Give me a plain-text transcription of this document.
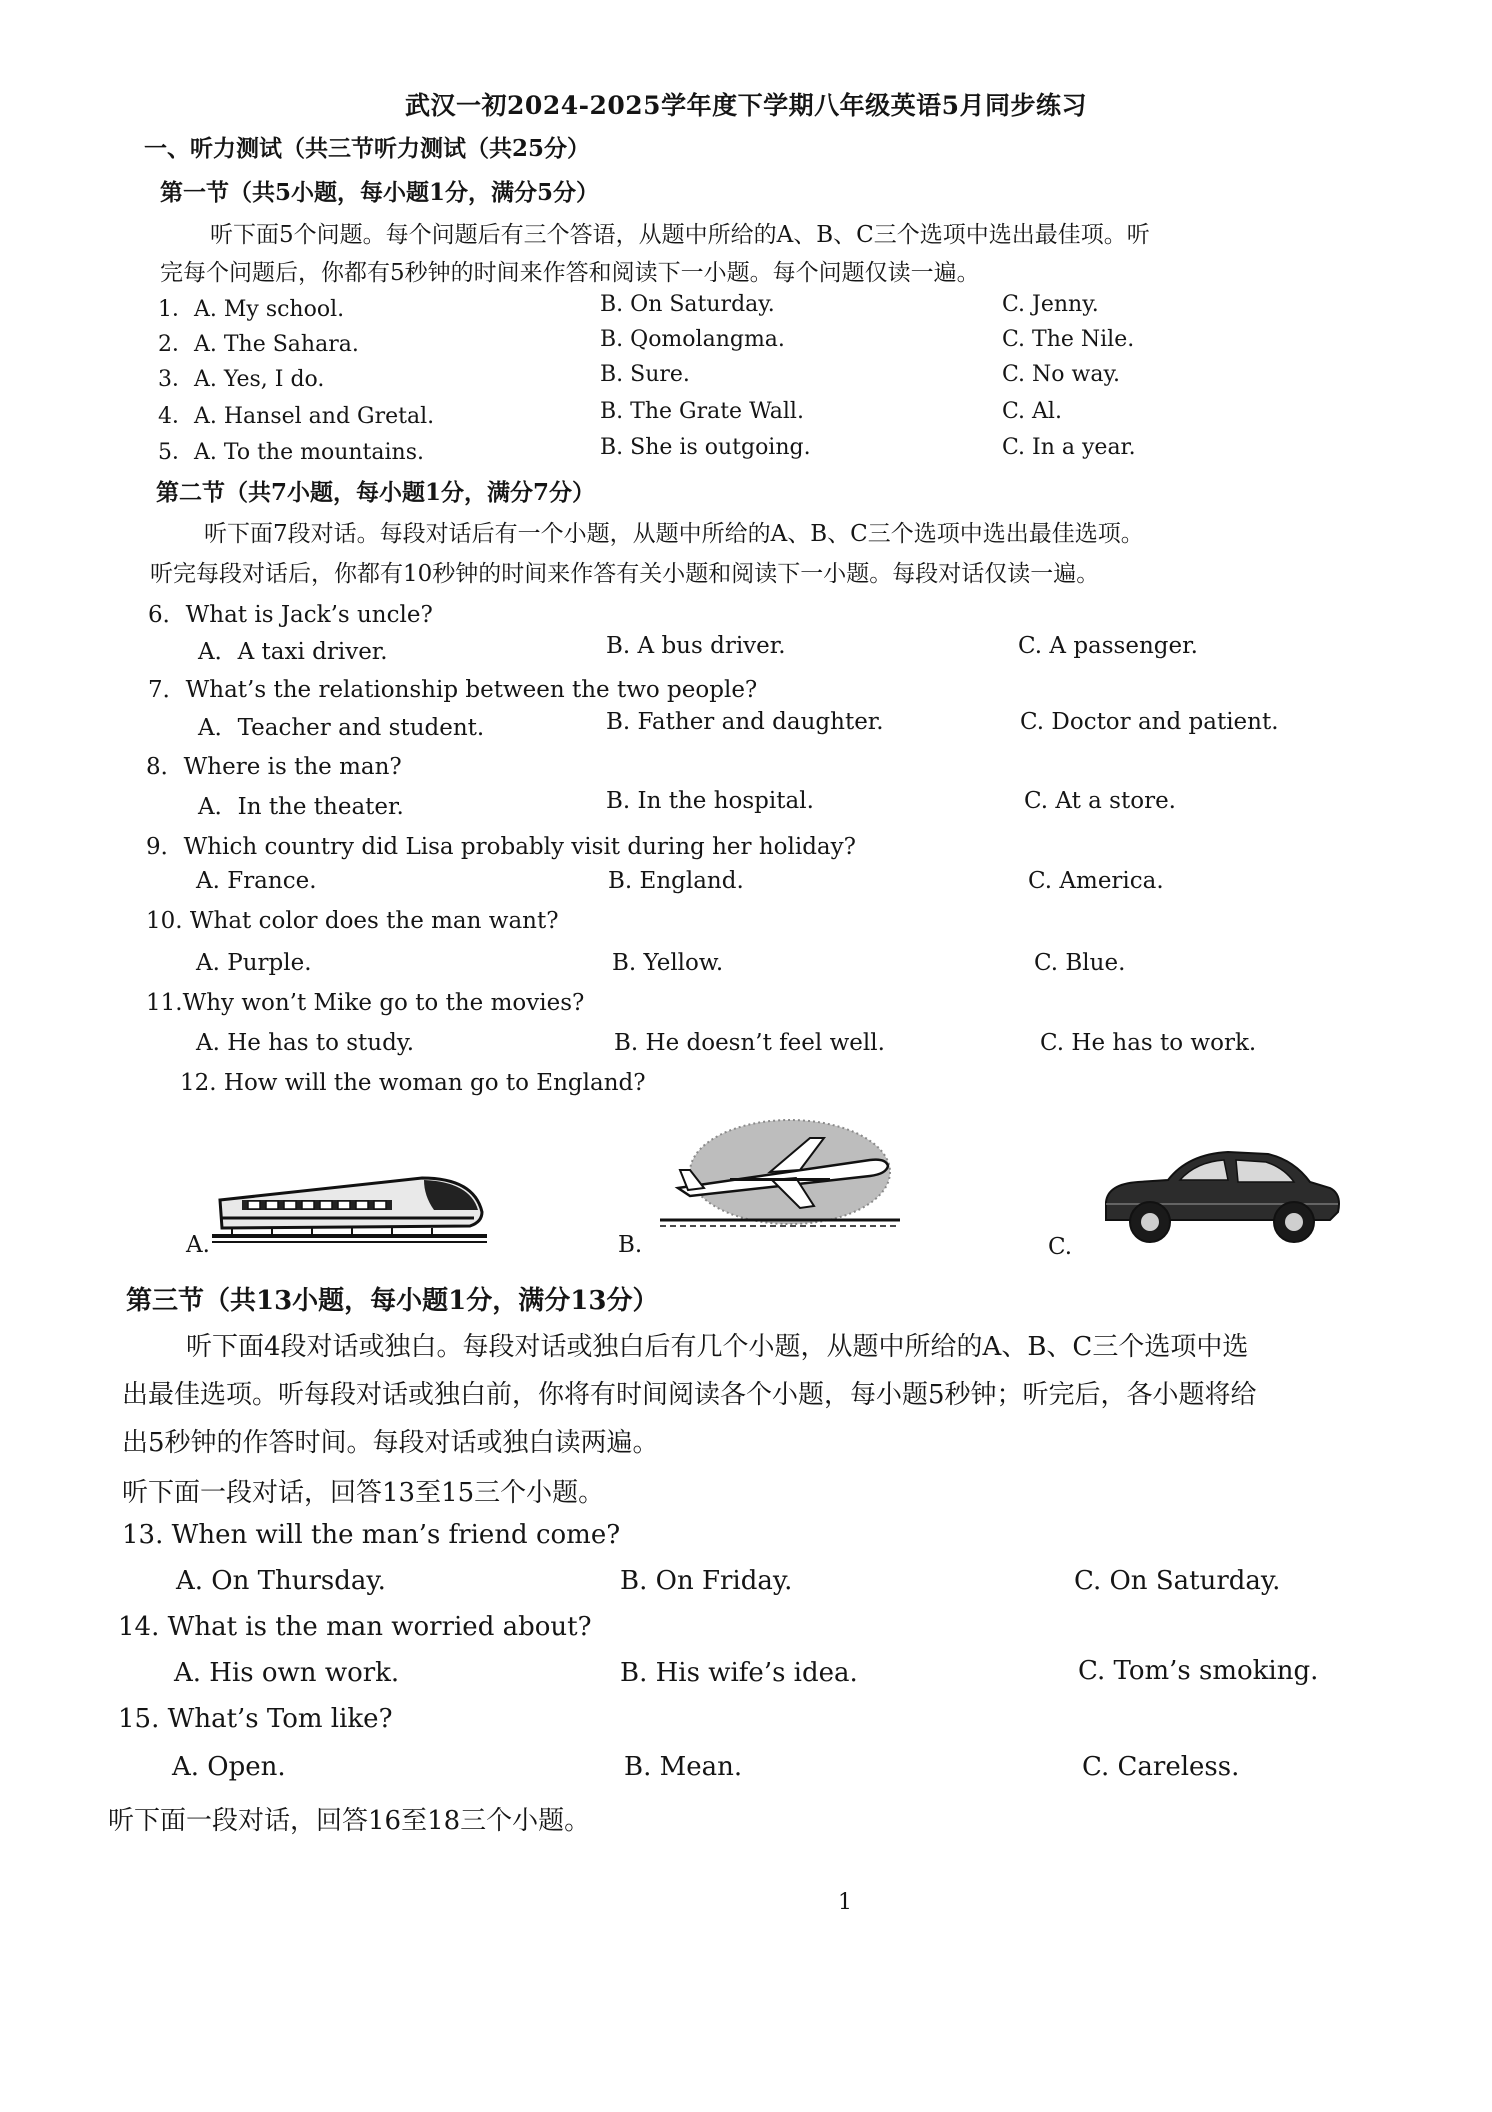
武汉一初2024-2025学年度下学期八年级英语5月同步练习
一、听力测试（共三节听力测试（共25分）
第一节（共5小题，每小题1分，满分5分）
听下面5个问题。每个问题后有三个答语，从题中所给的A、B、C三个选项中选出最佳项。听
完每个问题后，你都有5秒钟的时间来作答和阅读下一小题。每个问题仅读一遍。
1．A. My school.	B. On Saturday.	C. Jenny.
2．A. The Sahara.	B. Qomolangma.	C. The Nile.
3．A. Yes, I do.	B. Sure.	C. No way.
4．A. Hansel and Gretal.	B. The Grate Wall.	C. Al.
5．A. To the mountains.	B. She is outgoing.	C. In a year.
第二节（共7小题，每小题1分，满分7分）
听下面7段对话。每段对话后有一个小题，从题中所给的A、B、C三个选项中选出最佳选项。
听完每段对话后，你都有10秒钟的时间来作答有关小题和阅读下一小题。每段对话仅读一遍。
6．What is Jack’s uncle?
A．A taxi driver.	B. A bus driver.	C. A passenger.
7．What’s the relationship between the two people?
A．Teacher and student.	B. Father and daughter.	C. Doctor and patient.
8．Where is the man?
A．In the theater.	B. In the hospital.	C. At a store.
9．Which country did Lisa probably visit during her holiday?
A. France.	B. England.	C. America.
10. What color does the man want?
A. Purple.	B. Yellow.	C. Blue.
11.Why won’t Mike go to the movies?
A. He has to study.	B. He doesn’t feel well.	C. He has to work.
12. How will the woman go to England?
A.	B.	C.
第三节（共13小题，每小题1分，满分13分）
听下面4段对话或独白。每段对话或独白后有几个小题，从题中所给的A、B、C三个选项中选
出最佳选项。听每段对话或独白前，你将有时间阅读各个小题，每小题5秒钟；听完后，各小题将给
出5秒钟的作答时间。每段对话或独白读两遍。
听下面一段对话，回答13至15三个小题。
13. When will the man’s friend come?
A. On Thursday.	B. On Friday.	C. On Saturday.
14. What is the man worried about?
A. His own work.	B. His wife’s idea.	C. Tom’s smoking.
15. What’s Tom like?
A. Open.	B. Mean.	C. Careless.
听下面一段对话，回答16至18三个小题。
1
